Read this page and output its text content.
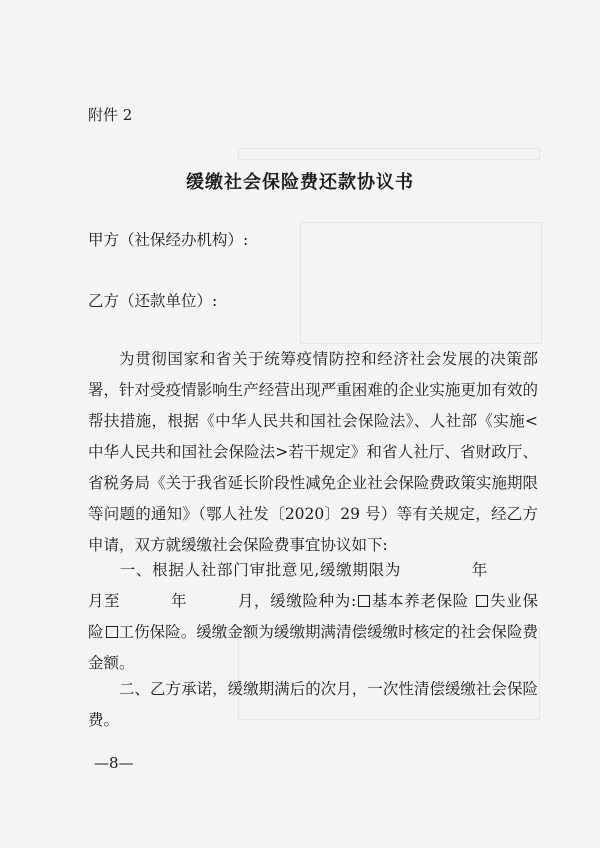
附件 2
缓缴社会保险费还款协议书
甲方（社保经办机构）:
乙方（还款单位）:

为贯彻国家和省关于统筹疫情防控和经济社会发展的决策部署，针对受疫情影响生产经营出现严重困难的企业实施更加有效的帮扶措施，根据《中华人民共和国社会保险法》、人社部《实施<中华人民共和国社会保险法>若干规定》和省人社厅、省财政厅、省税务局《关于我省延长阶段性减免企业社会保险费政策实施期限等问题的通知》（鄂人社发〔2020〕29 号）等有关规定，经乙方申请，双方就缓缴社会保险费事宜协议如下:

一、根据人社部门审批意见,缓缴期限为	年月至	年	月，缓缴险种为: 基本养老保险 失业保险 工伤保险。缓缴金额为缓缴期满清偿缓缴时核定的社会保险费金额。

二、乙方承诺，缓缴期满后的次月，一次性清偿缓缴社会保险费。

—8—
